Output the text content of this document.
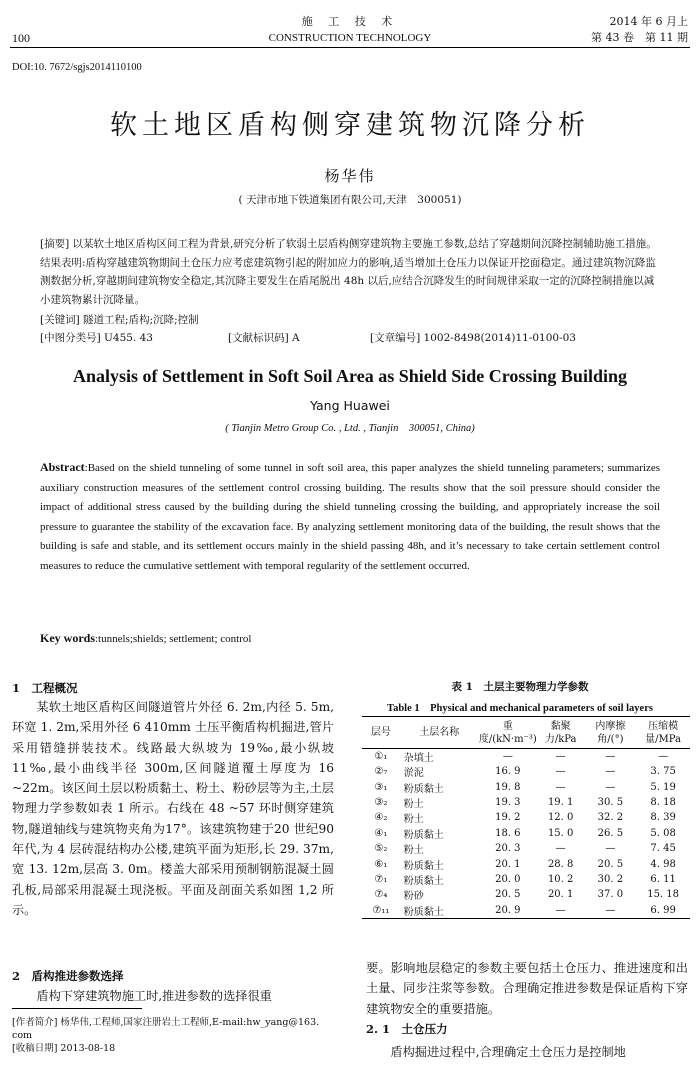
100
施 工 技 术
CONSTRUCTION TECHNOLOGY
2014 年 6 月上
第 43 卷　第 11 期
DOI:10. 7672/sgjs2014110100
软土地区盾构侧穿建筑物沉降分析
杨华伟
( 天津市地下铁道集团有限公司,天津　300051)
[摘要] 以某软土地区盾构区间工程为背景,研究分析了软弱土层盾构侧穿建筑物主要施工参数,总结了穿越期间沉降控制辅助施工措施。结果表明:盾构穿越建筑物期间土仓压力应考虑建筑物引起的附加应力的影响,适当增加土仓压力以保证开挖面稳定。通过建筑物沉降监测数据分析,穿越期间建筑物安全稳定,其沉降主要发生在盾尾脱出 48h 以后,应结合沉降发生的时间规律采取一定的沉降控制措施以减小建筑物累计沉降量。
[关键词] 隧道工程;盾构;沉降;控制
[中图分类号] U455. 43	[文献标识码] A	[文章编号] 1002-8498(2014)11-0100-03
Analysis of Settlement in Soft Soil Area as Shield Side Crossing Building
Yang Huawei
( Tianjin Metro Group Co. , Ltd. , Tianjin　300051, China)
Abstract:Based on the shield tunneling of some tunnel in soft soil area, this paper analyzes the shield tunneling parameters; summarizes auxiliary construction measures of the settlement control crossing building. The results show that the soil pressure should consider the impact of additional stress caused by the building during the shield tunneling crossing the building, and appropriately increase the soil pressure to guarantee the stability of the excavation face. By analyzing settlement monitoring data of the building, the result shows that the building is safe and stable, and its settlement occurs mainly in the shield passing 48h, and it’s necessary to take certain settlement control measures to reduce the cumulative settlement with temporal regularity of the settlement occurred.
Key words:tunnels;shields; settlement; control
1　工程概况

某软土地区盾构区间隧道管片外径 6. 2m,内径 5. 5m,环宽 1. 2m,采用外径 6 410mm 土压平衡盾构机掘进,管片采用错缝拼装技术。线路最大纵坡为 19‰,最小纵坡 11‰,最小曲线半径 300m,区间隧道覆土厚度为 16 ~22m。该区间土层以粉质黏土、粉土、粉砂层等为主,土层物理力学参数如表 1 所示。右线在 48 ~57 环时侧穿建筑物,隧道轴线与建筑物夹角为17°。该建筑物建于20 世纪90 年代,为 4 层砖混结构办公楼,建筑平面为矩形,长 29. 37m,宽 13. 12m,层高 3. 0m。楼盖大部采用预制钢筋混凝土圆孔板,局部采用混凝土现浇板。平面及剖面关系如图 1,2 所示。

2　盾构推进参数选择
盾构下穿建筑物施工时,推进参数的选择很重
[作者简介] 杨华伟,工程师,国家注册岩土工程师,E-mail:hw_yang@163. com
[收稿日期] 2013-08-18
表 1　土层主要物理力学参数
Table 1　Physical and mechanical parameters of soil layers
层号	土层名称	重度/(kN·m⁻³)	黏聚力/kPa	内摩擦角/(°)	压缩模量/MPa
①₁	杂填土	—	—	—	—
②₇	淤泥	16. 9	—	—	3. 75
③₁	粉质黏土	19. 8	—	—	5. 19
③₂	粉土	19. 3	19. 1	30. 5	8. 18
④₂	粉土	19. 2	12. 0	32. 2	8. 39
④₁	粉质黏土	18. 6	15. 0	26. 5	5. 08
⑤₂	粉土	20. 3	—	—	7. 45
⑥₁	粉质黏土	20. 1	28. 8	20. 5	4. 98
⑦₁	粉质黏土	20. 0	10. 2	30. 2	6. 11
⑦₄	粉砂	20. 5	20. 1	37. 0	15. 18
⑦₁₁	粉质黏土	20. 9	—	—	6. 99
要。影响地层稳定的参数主要包括土仓压力、推进速度和出土量、同步注浆等参数。合理确定推进参数是保证盾构下穿建筑物安全的重要措施。
2. 1　土仓压力
盾构掘进过程中,合理确定土仓压力是控制地
